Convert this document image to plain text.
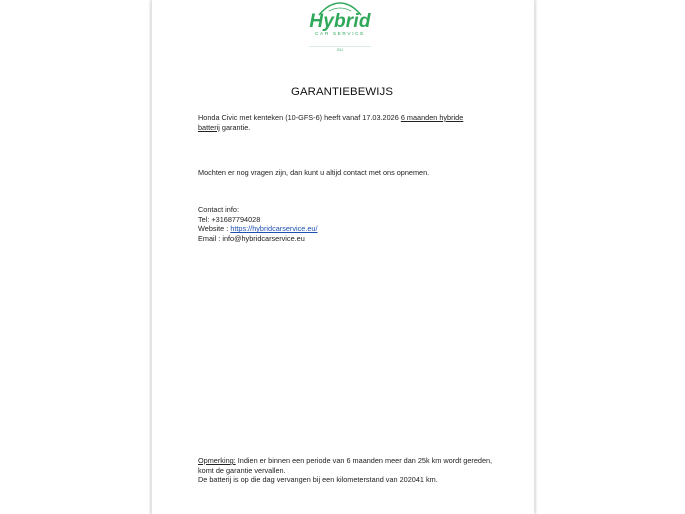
Hybrid
CAR SERVICE
EU
GARANTIEBEWIJS
Honda Civic met kenteken (10-GFS-6) heeft vanaf 17.03.2026 6 maanden hybride
batterij garantie.
Mochten er nog vragen zijn, dan kunt u altijd contact met ons opnemen.
Contact info:
Tel: +31687794028
Website : https://hybridcarservice.eu/
Email : info@hybridcarservice.eu
Opmerking: Indien er binnen een periode van 6 maanden meer dan 25k km wordt gereden,
komt de garantie vervallen.
De batterij is op die dag vervangen bij een kilometerstand van 202041 km.
